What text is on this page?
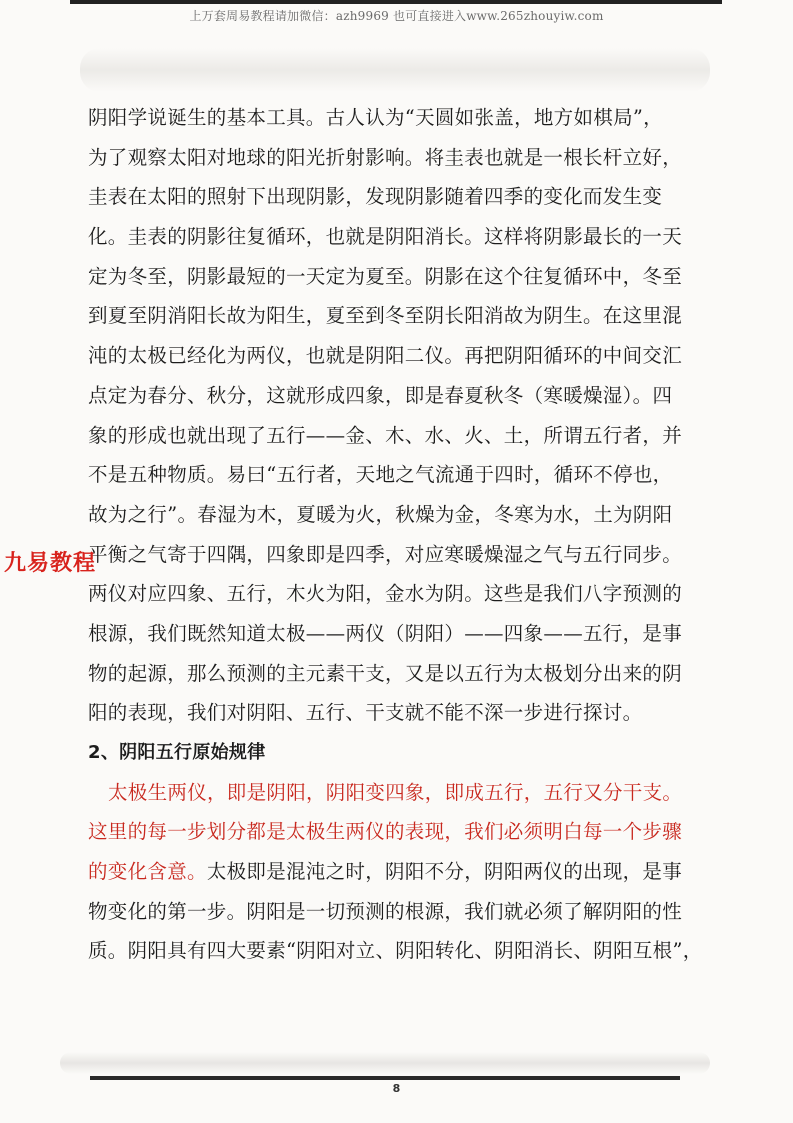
上万套周易教程请加微信：azh9969 也可直接进入www.265zhouyiw.com
阴阳学说诞生的基本工具。古人认为“天圆如张盖，地方如棋局”，
为了观察太阳对地球的阳光折射影响。将圭表也就是一根长杆立好，
圭表在太阳的照射下出现阴影，发现阴影随着四季的变化而发生变
化。圭表的阴影往复循环，也就是阴阳消长。这样将阴影最长的一天
定为冬至，阴影最短的一天定为夏至。阴影在这个往复循环中，冬至
到夏至阴消阳长故为阳生，夏至到冬至阴长阳消故为阴生。在这里混
沌的太极已经化为两仪，也就是阴阳二仪。再把阴阳循环的中间交汇
点定为春分、秋分，这就形成四象，即是春夏秋冬（寒暖燥湿）。四
象的形成也就出现了五行——金、木、水、火、土，所谓五行者，并
不是五种物质。易曰“五行者，天地之气流通于四时，循环不停也，
故为之行”。春湿为木，夏暖为火，秋燥为金，冬寒为水，土为阴阳
平衡之气寄于四隅，四象即是四季，对应寒暖燥湿之气与五行同步。
两仪对应四象、五行，木火为阳，金水为阴。这些是我们八字预测的
根源，我们既然知道太极——两仪（阴阳）——四象——五行，是事
物的起源，那么预测的主元素干支，又是以五行为太极划分出来的阴
阳的表现，我们对阴阳、五行、干支就不能不深一步进行探讨。
2、阴阳五行原始规律
太极生两仪，即是阴阳，阴阳变四象，即成五行，五行又分干支。
这里的每一步划分都是太极生两仪的表现，我们必须明白每一个步骤
的变化含意。太极即是混沌之时，阴阳不分，阴阳两仪的出现，是事
物变化的第一步。阴阳是一切预测的根源，我们就必须了解阴阳的性
质。阴阳具有四大要素“阴阳对立、阴阳转化、阴阳消长、阴阳互根”，
九易教程
8
